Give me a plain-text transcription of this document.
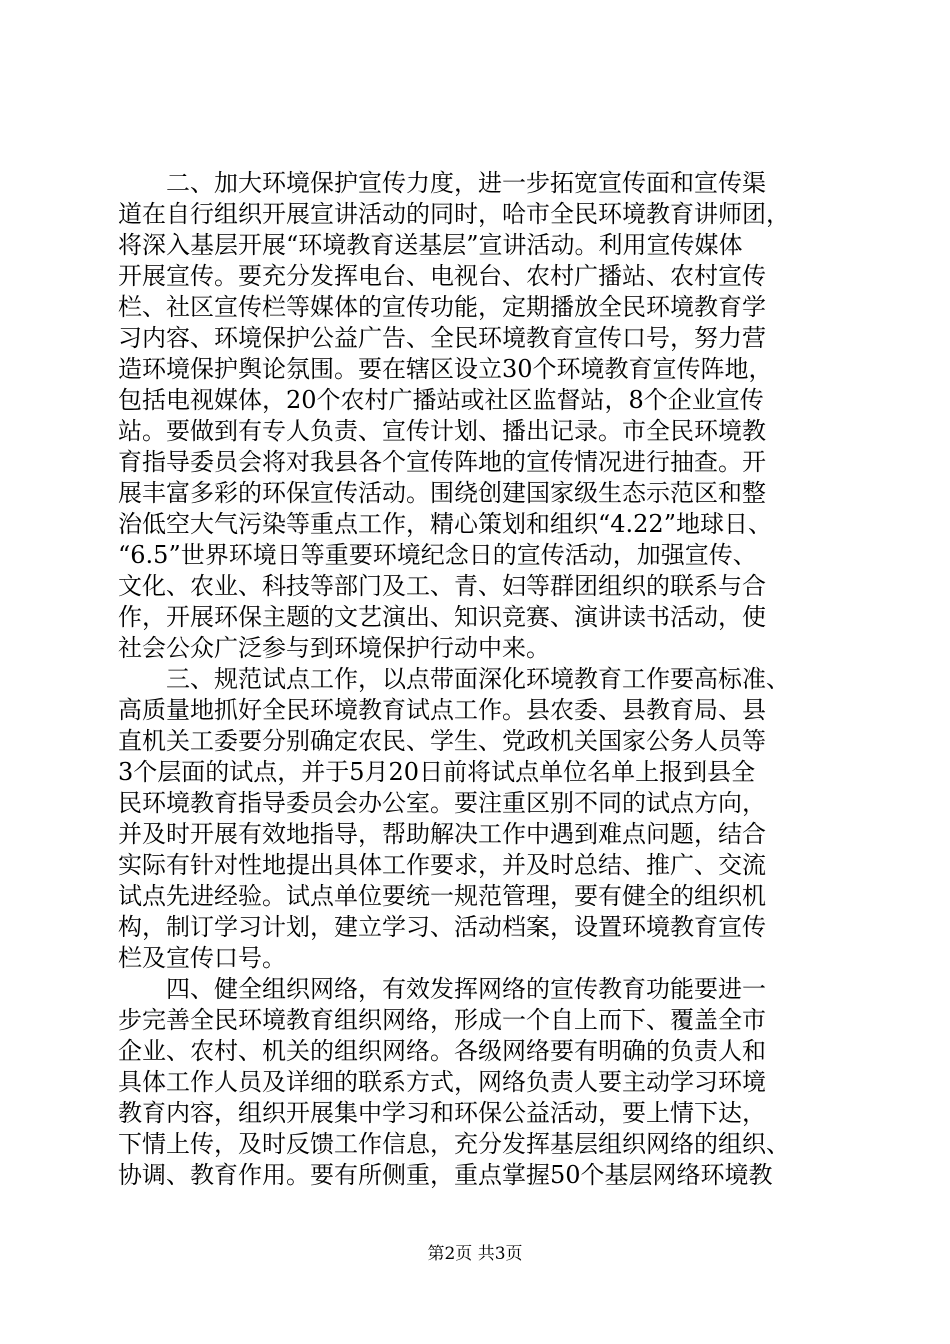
　　二、加大环境保护宣传力度，进一步拓宽宣传面和宣传渠
道在自行组织开展宣讲活动的同时，哈市全民环境教育讲师团，
将深入基层开展“环境教育送基层”宣讲活动。利用宣传媒体
开展宣传。要充分发挥电台、电视台、农村广播站、农村宣传
栏、社区宣传栏等媒体的宣传功能，定期播放全民环境教育学
习内容、环境保护公益广告、全民环境教育宣传口号，努力营
造环境保护舆论氛围。要在辖区设立30个环境教育宣传阵地，
包括电视媒体，20个农村广播站或社区监督站，8个企业宣传
站。要做到有专人负责、宣传计划、播出记录。市全民环境教
育指导委员会将对我县各个宣传阵地的宣传情况进行抽查。开
展丰富多彩的环保宣传活动。围绕创建国家级生态示范区和整
治低空大气污染等重点工作，精心策划和组织“4.22”地球日、
“6.5”世界环境日等重要环境纪念日的宣传活动，加强宣传、
文化、农业、科技等部门及工、青、妇等群团组织的联系与合
作，开展环保主题的文艺演出、知识竞赛、演讲读书活动，使
社会公众广泛参与到环境保护行动中来。
　　三、规范试点工作，以点带面深化环境教育工作要高标准、
高质量地抓好全民环境教育试点工作。县农委、县教育局、县
直机关工委要分别确定农民、学生、党政机关国家公务人员等
3个层面的试点，并于5月20日前将试点单位名单上报到县全
民环境教育指导委员会办公室。要注重区别不同的试点方向，
并及时开展有效地指导，帮助解决工作中遇到难点问题，结合
实际有针对性地提出具体工作要求，并及时总结、推广、交流
试点先进经验。试点单位要统一规范管理，要有健全的组织机
构，制订学习计划，建立学习、活动档案，设置环境教育宣传
栏及宣传口号。
　　四、健全组织网络，有效发挥网络的宣传教育功能要进一
步完善全民环境教育组织网络，形成一个自上而下、覆盖全市
企业、农村、机关的组织网络。各级网络要有明确的负责人和
具体工作人员及详细的联系方式，网络负责人要主动学习环境
教育内容，组织开展集中学习和环保公益活动，要上情下达，
下情上传，及时反馈工作信息，充分发挥基层组织网络的组织、
协调、教育作用。要有所侧重，重点掌握50个基层网络环境教
第2页 共3页
